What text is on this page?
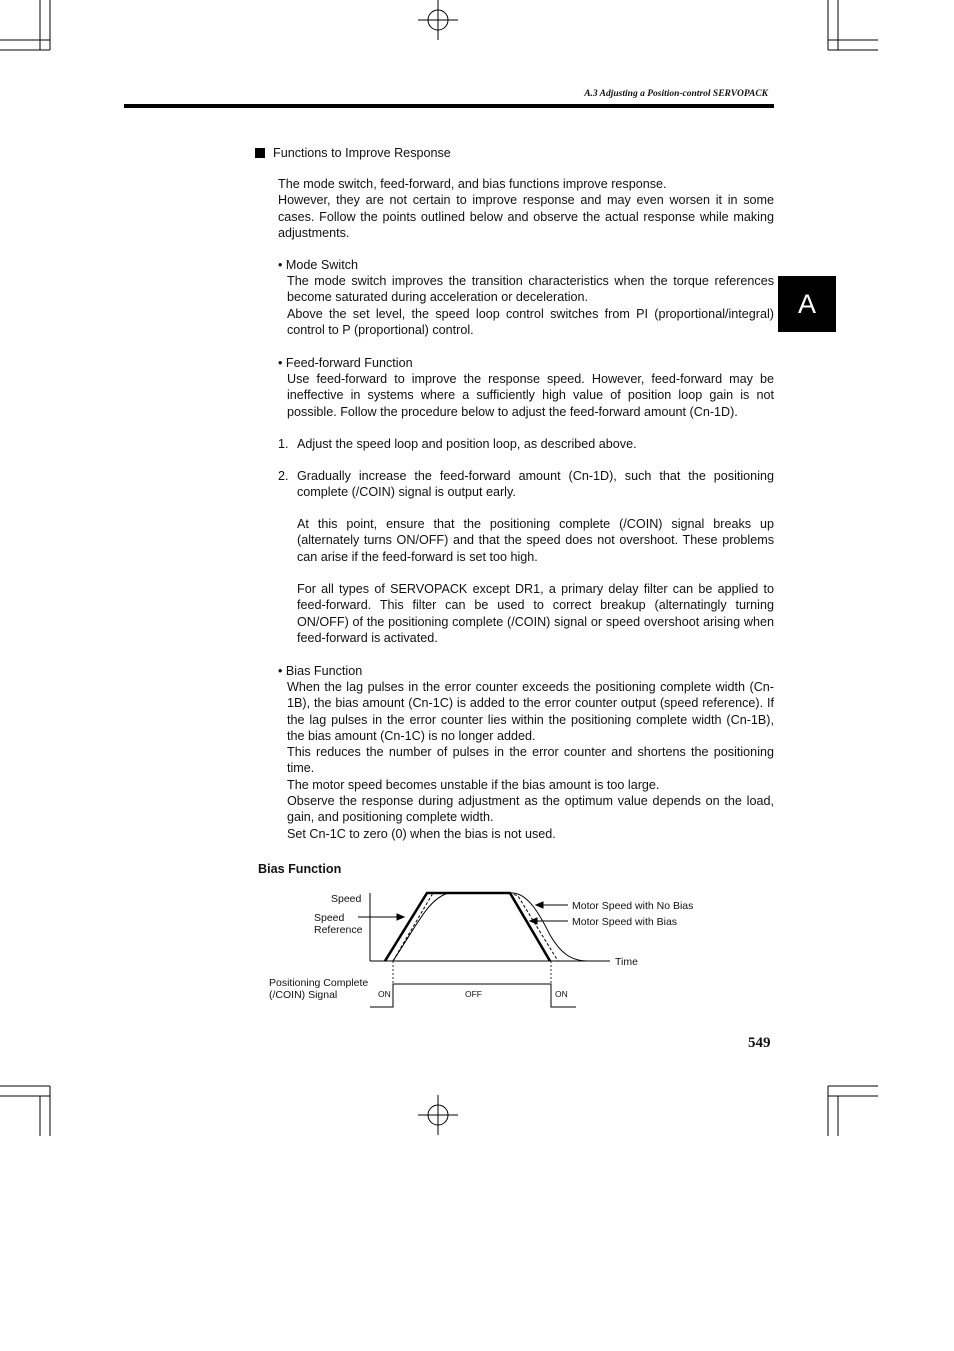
A.3 Adjusting a Position-control SERVOPACK
A
Functions to Improve Response
The mode switch, feed-forward, and bias functions improve response.
However, they are not certain to improve response and may even worsen it in some cases. Follow the points outlined below and observe the actual response while making adjustments.
• Mode Switch
The mode switch improves the transition characteristics when the torque references become saturated during acceleration or deceleration.
Above the set level, the speed loop control switches from PI (proportional/integral) control to P (proportional) control.
• Feed-forward Function
Use feed-forward to improve the response speed. However, feed-forward may be ineffective in systems where a sufficiently high value of position loop gain is not possible. Follow the procedure below to adjust the feed-forward amount (Cn-1D).
1. Adjust the speed loop and position loop, as described above.
2. Gradually increase the feed-forward amount (Cn-1D), such that the positioning complete (/COIN) signal is output early.
At this point, ensure that the positioning complete (/COIN) signal breaks up (alternately turns ON/OFF) and that the speed does not overshoot. These problems can arise if the feed-forward is set too high.
For all types of SERVOPACK except DR1, a primary delay filter can be applied to feed-forward. This filter can be used to correct breakup (alternatingly turning ON/OFF) of the positioning complete (/COIN) signal or speed overshoot arising when feed-forward is activated.
• Bias Function
When the lag pulses in the error counter exceeds the positioning complete width (Cn-1B), the bias amount (Cn-1C) is added to the error counter output (speed reference). If the lag pulses in the error counter lies within the positioning complete width (Cn-1B), the bias amount (Cn-1C) is no longer added.
This reduces the number of pulses in the error counter and shortens the positioning time.
The motor speed becomes unstable if the bias amount is too large.
Observe the response during adjustment as the optimum value depends on the load, gain, and positioning complete width.
Set Cn-1C to zero (0) when the bias is not used.
Bias Function
Speed
Speed
Reference
Motor Speed with No Bias
Motor Speed with Bias
Time
Positioning Complete
(/COIN) Signal	ON	OFF	ON
549
